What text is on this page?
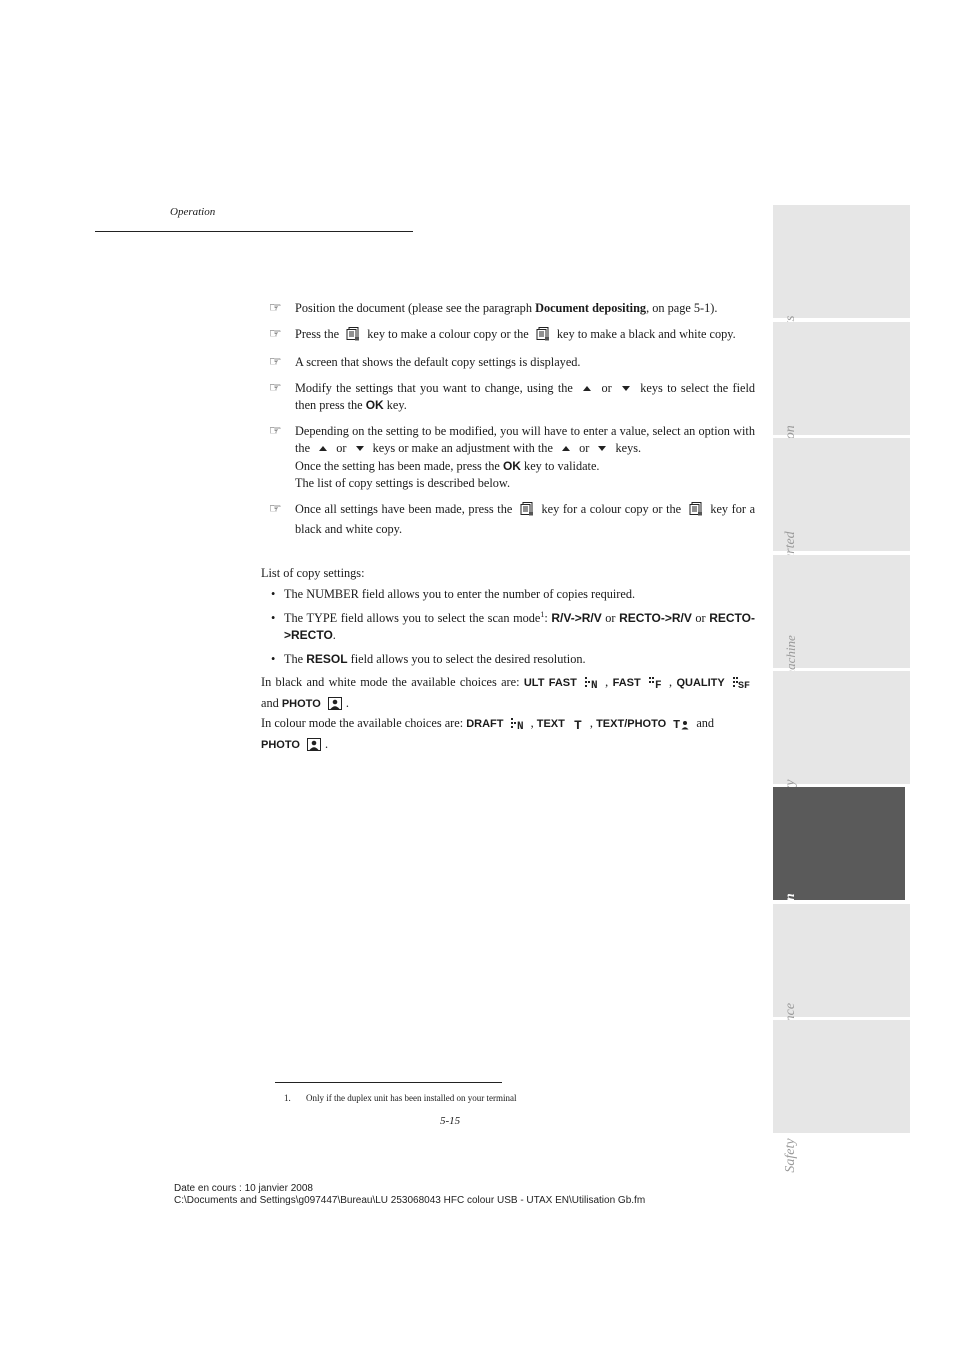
Operation
☞ Position the document (please see the paragraph Document depositing, on page 5-1).
☞ Press the key to make a colour copy or the key to make a black and white copy.
☞ A screen that shows the default copy settings is displayed.
☞ Modify the settings that you want to change, using the or keys to select the field then press the OK key.
☞ Depending on the setting to be modified, you will have to enter a value, select an option with the or keys or make an adjustment with the or keys.
Once the setting has been made, press the OK key to validate.
The list of copy settings is described below.
☞ Once all settings have been made, press the key for a colour copy or the key for a black and white copy.
List of copy settings:
• The NUMBER field allows you to enter the number of copies required.
• The TYPE field allows you to select the scan mode$^1$: R/V->R/V or RECTO->R/V or RECTO->RECTO.
• The RESOL field allows you to select the desired resolution.

In black and white mode the available choices are: ULT FAST N , FAST F , QUALITY SF
and PHOTO .

In colour mode the available choices are: DRAFT N , TEXT T , TEXT/PHOTO T and
PHOTO .

1. Only if the duplex unit has been installed on your terminal
5-15
Date en cours : 10 janvier 2008
C:\Documents and Settings\g097447\Bureau\LU 253068043 HFC colour USB - UTAX EN\Utilisation Gb.fm
Safety
